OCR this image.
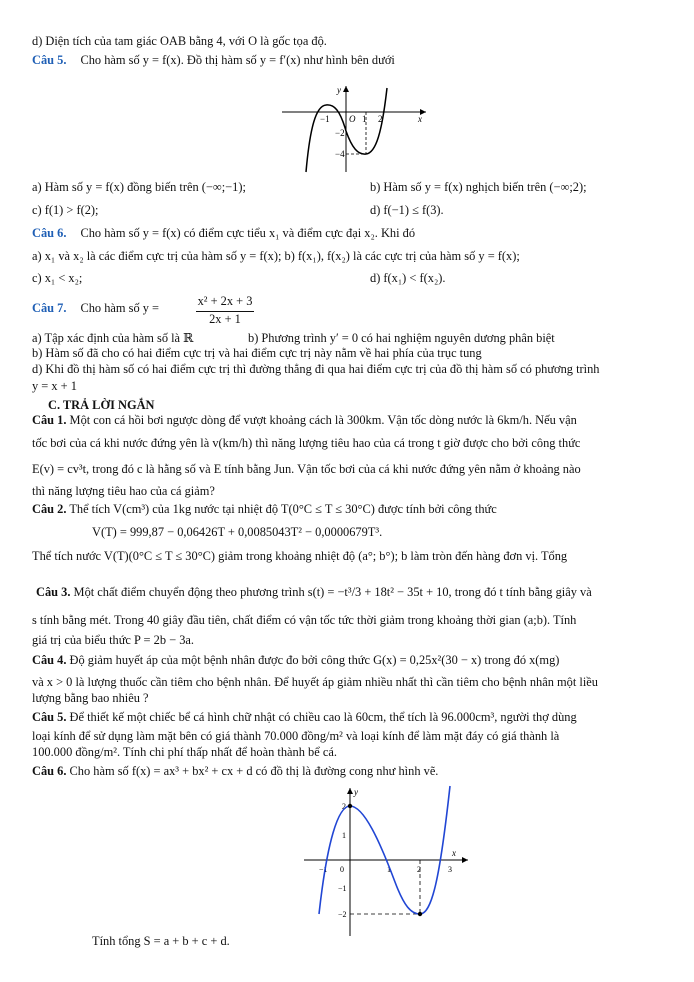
d) Diện tích của tam giác OAB bằng 4, với O là gốc tọa độ.
Câu 5. Cho hàm số y = f(x). Đồ thị hàm số y = f′(x) như hình bên dưới
y
x
O
−1	1 2
−2
−4
a) Hàm số y = f(x) đồng biến trên (−∞;−1);	b) Hàm số y = f(x) nghịch biến trên (−∞;2);
c) f(1) > f(2);	d) f(−1) ≤ f(3).
Câu 6. Cho hàm số y = f(x) có điểm cực tiểu x₁ và điểm cực đại x₂. Khi đó
a) x₁ và x₂ là các điểm cực trị của hàm số y = f(x); b) f(x₁), f(x₂) là các cực trị của hàm số y = f(x);
c) x₁ < x₂;	d) f(x₁) < f(x₂).
Câu 7. Cho hàm số y =	$\frac{\text{x² + 2x + 3}}{2x + 1}$
a) Tập xác định của hàm số là ℝ	b) Phương trình y′ = 0 có hai nghiệm nguyên dương phân biệt
b) Hàm số đã cho có hai điểm cực trị và hai điểm cực trị này nằm về hai phía của trục tung
d) Khi đồ thị hàm số có hai điểm cực trị thì đường thẳng đi qua hai điểm cực trị của đồ thị hàm số có phương trình
y = x + 1
C. TRẢ LỜI NGẮN
Câu 1. Một con cá hồi bơi ngược dòng để vượt khoảng cách là 300km. Vận tốc dòng nước là 6km/h. Nếu vận
tốc bơi của cá khi nước đứng yên là v(km/h) thì năng lượng tiêu hao của cá trong t giờ được cho bởi công thức
E(v) = cv³t, trong đó c là hằng số và E tính bằng Jun. Vận tốc bơi của cá khi nước đứng yên nằm ở khoảng nào
thì năng lượng tiêu hao của cá giảm?
Câu 2. Thể tích V(cm³) của 1kg nước tại nhiệt độ T(0°C ≤ T ≤ 30°C) được tính bởi công thức
V(T) = 999,87 − 0,06426T + 0,0085043T² − 0,0000679T³.
Thể tích nước V(T)(0°C ≤ T ≤ 30°C) giảm trong khoảng nhiệt độ (a°; b°); b làm tròn đến hàng đơn vị. Tổng
Câu 3. Một chất điểm chuyển động theo phương trình s(t) = −t³/3 + 18t² − 35t + 10, trong đó t tính bằng giây và
s tính bằng mét. Trong 40 giây đầu tiên, chất điểm có vận tốc tức thời giảm trong khoảng thời gian (a;b). Tính
giá trị của biểu thức P = 2b − 3a.
Câu 4. Độ giảm huyết áp của một bệnh nhân được đo bởi công thức G(x) = 0,25x²(30 − x) trong đó x(mg)
và x > 0 là lượng thuốc cần tiêm cho bệnh nhân. Để huyết áp giảm nhiều nhất thì cần tiêm cho bệnh nhân một liều
lượng bằng bao nhiêu ?
Câu 5. Để thiết kế một chiếc bể cá hình chữ nhật có chiều cao là 60cm, thể tích là 96.000cm³, người thợ dùng
loại kính để sử dụng làm mặt bên có giá thành 70.000 đồng/m² và loại kính để làm mặt đáy có giá thành là
100.000 đồng/m². Tính chi phí thấp nhất để hoàn thành bể cá.
Câu 6. Cho hàm số f(x) = ax³ + bx² + cx + d có đồ thị là đường cong như hình vẽ.
y
x
−1 0	1	2	3
2
1
−1
−2
Tính tổng S = a + b + c + d.
